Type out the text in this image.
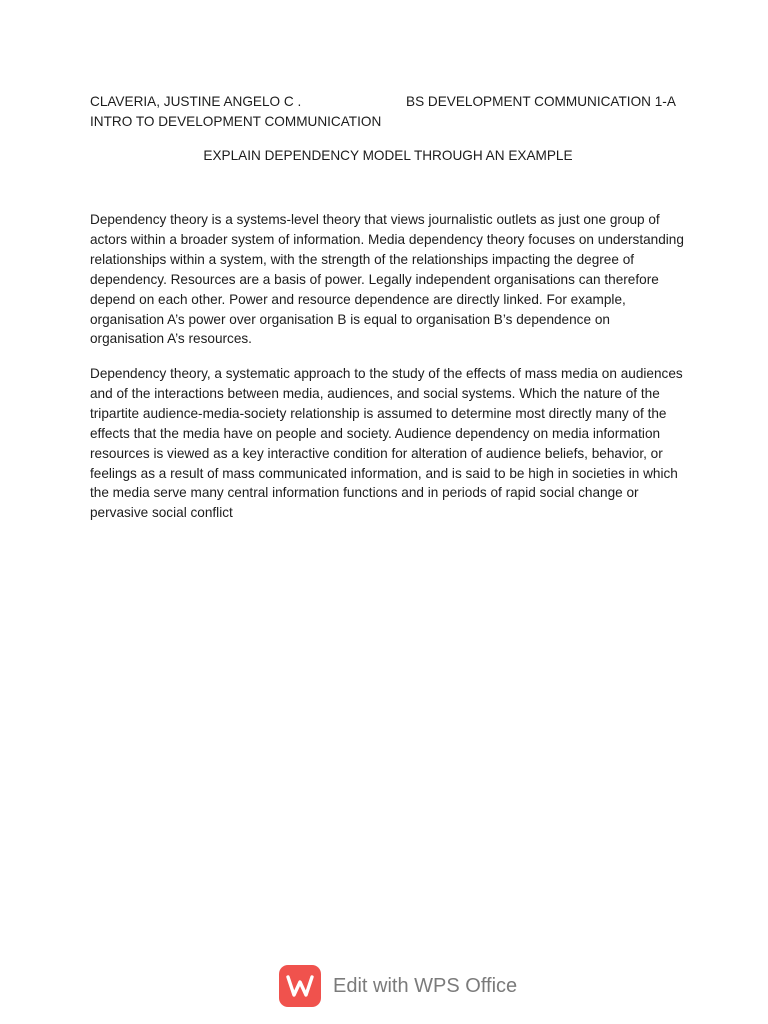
CLAVERIA, JUSTINE ANGELO C .	BS DEVELOPMENT COMMUNICATION 1-A
INTRO TO DEVELOPMENT COMMUNICATION
EXPLAIN DEPENDENCY MODEL THROUGH AN EXAMPLE

Dependency theory is a systems-level theory that views journalistic outlets as just one group of actors within a broader system of information. Media dependency theory focuses on understanding relationships within a system, with the strength of the relationships impacting the degree of dependency. Resources are a basis of power. Legally independent organisations can therefore depend on each other. Power and resource dependence are directly linked. For example, organisation A’s power over organisation B is equal to organisation B’s dependence on organisation A’s resources.

Dependency theory, a systematic approach to the study of the effects of mass media on audiences and of the interactions between media, audiences, and social systems. Which the nature of the tripartite audience-media-society relationship is assumed to determine most directly many of the effects that the media have on people and society. Audience dependency on media information resources is viewed as a key interactive condition for alteration of audience beliefs, behavior, or feelings as a result of mass communicated information, and is said to be high in societies in which the media serve many central information functions and in periods of rapid social change or pervasive social conflict

Edit with WPS Office
